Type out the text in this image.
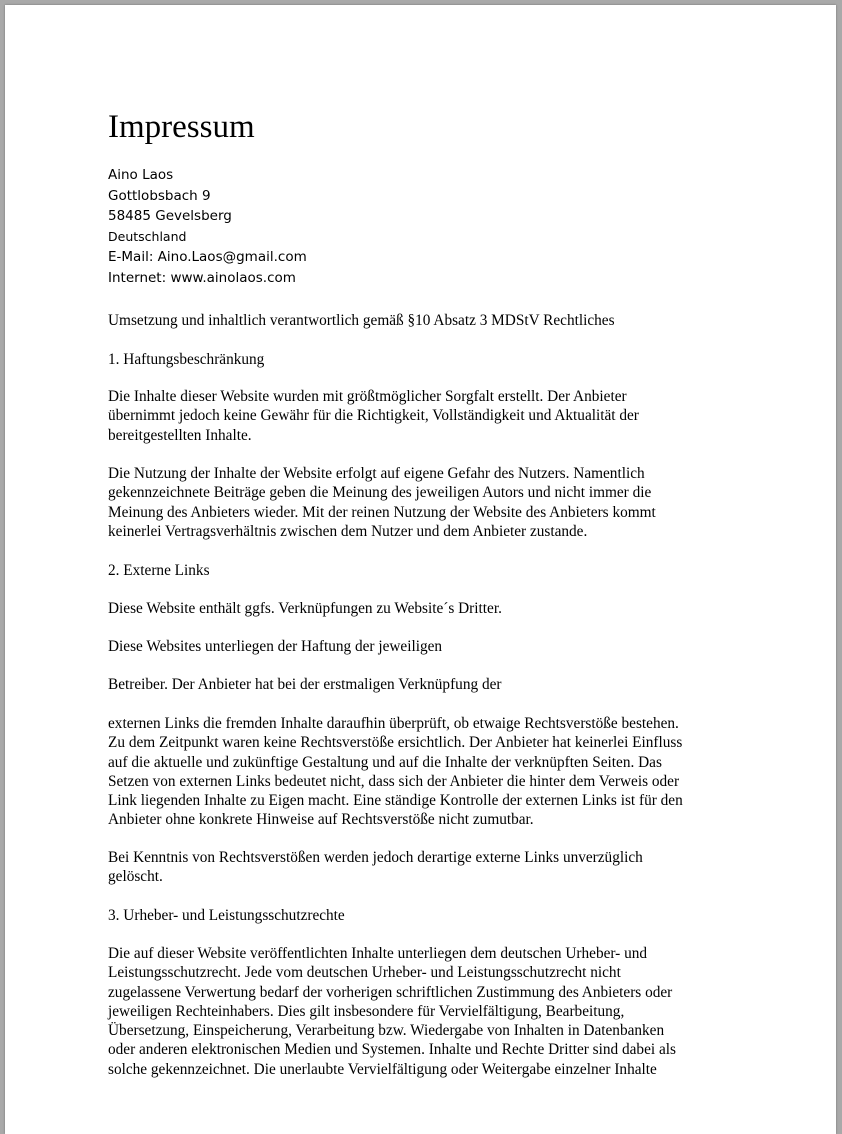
Impressum
Aino Laos
Gottlobsbach 9
58485 Gevelsberg
Deutschland
E-Mail: Aino.Laos@gmail.com
Internet: www.ainolaos.com

Umsetzung und inhaltlich verantwortlich gemäß §10 Absatz 3 MDStV Rechtliches

1. Haftungsbeschränkung

Die Inhalte dieser Website wurden mit größtmöglicher Sorgfalt erstellt. Der Anbieter
übernimmt jedoch keine Gewähr für die Richtigkeit, Vollständigkeit und Aktualität der
bereitgestellten Inhalte.

Die Nutzung der Inhalte der Website erfolgt auf eigene Gefahr des Nutzers. Namentlich
gekennzeichnete Beiträge geben die Meinung des jeweiligen Autors und nicht immer die
Meinung des Anbieters wieder. Mit der reinen Nutzung der Website des Anbieters kommt
keinerlei Vertragsverhältnis zwischen dem Nutzer und dem Anbieter zustande.

2. Externe Links

Diese Website enthält ggfs. Verknüpfungen zu Website´s Dritter.

Diese Websites unterliegen der Haftung der jeweiligen

Betreiber. Der Anbieter hat bei der erstmaligen Verknüpfung der

externen Links die fremden Inhalte daraufhin überprüft, ob etwaige Rechtsverstöße bestehen.
Zu dem Zeitpunkt waren keine Rechtsverstöße ersichtlich. Der Anbieter hat keinerlei Einfluss
auf die aktuelle und zukünftige Gestaltung und auf die Inhalte der verknüpften Seiten. Das
Setzen von externen Links bedeutet nicht, dass sich der Anbieter die hinter dem Verweis oder
Link liegenden Inhalte zu Eigen macht. Eine ständige Kontrolle der externen Links ist für den
Anbieter ohne konkrete Hinweise auf Rechtsverstöße nicht zumutbar.

Bei Kenntnis von Rechtsverstößen werden jedoch derartige externe Links unverzüglich
gelöscht.

3. Urheber- und Leistungsschutzrechte

Die auf dieser Website veröffentlichten Inhalte unterliegen dem deutschen Urheber- und
Leistungsschutzrecht. Jede vom deutschen Urheber- und Leistungsschutzrecht nicht
zugelassene Verwertung bedarf der vorherigen schriftlichen Zustimmung des Anbieters oder
jeweiligen Rechteinhabers. Dies gilt insbesondere für Vervielfältigung, Bearbeitung,
Übersetzung, Einspeicherung, Verarbeitung bzw. Wiedergabe von Inhalten in Datenbanken
oder anderen elektronischen Medien und Systemen. Inhalte und Rechte Dritter sind dabei als
solche gekennzeichnet. Die unerlaubte Vervielfältigung oder Weitergabe einzelner Inhalte
